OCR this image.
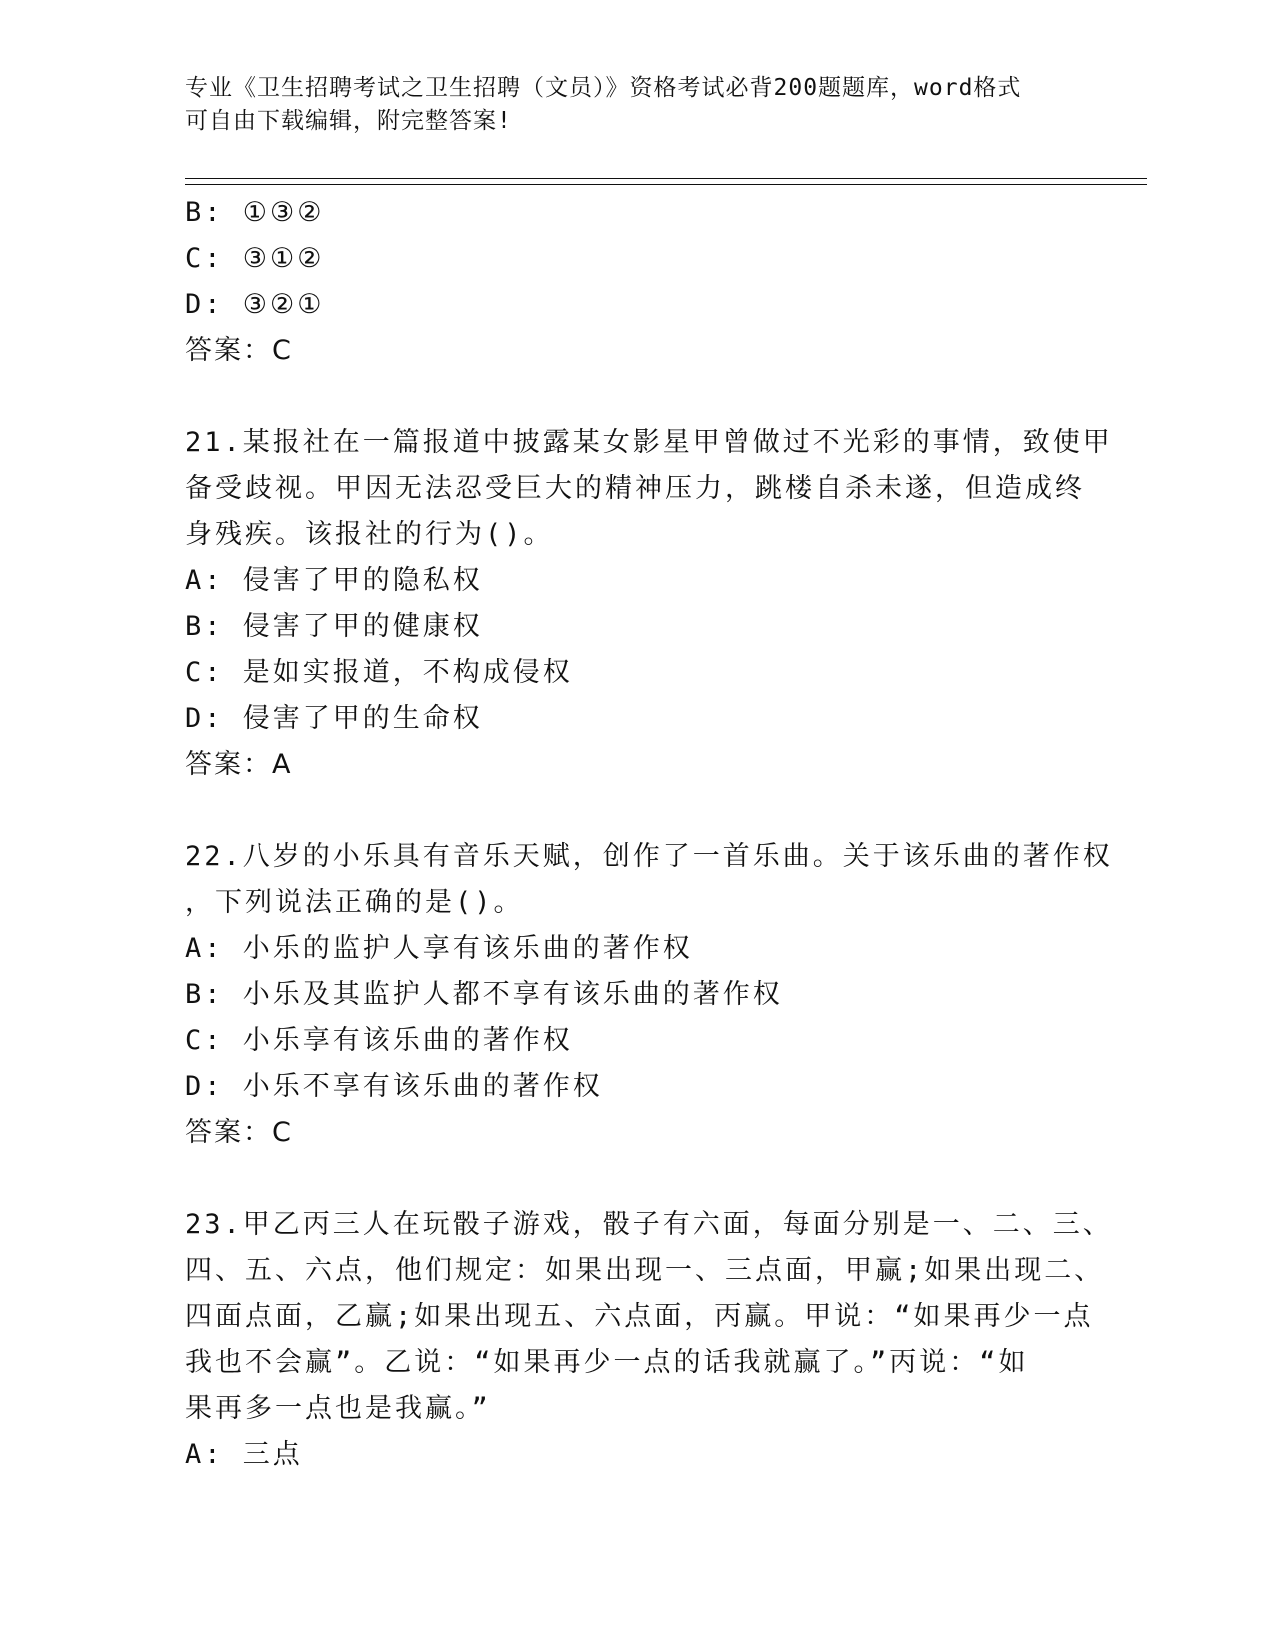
专业《卫生招聘考试之卫生招聘（文员）》资格考试必背200题题库，word格式
可自由下载编辑，附完整答案!
B: ①③②
C: ③①②
D: ③②①
答案：C
21.某报社在一篇报道中披露某女影星甲曾做过不光彩的事情，致使甲
备受歧视。甲因无法忍受巨大的精神压力，跳楼自杀未遂，但造成终
身残疾。该报社的行为()。
A: 侵害了甲的隐私权
B: 侵害了甲的健康权
C: 是如实报道，不构成侵权
D: 侵害了甲的生命权
答案：A
22.八岁的小乐具有音乐天赋，创作了一首乐曲。关于该乐曲的著作权
，下列说法正确的是()。
A: 小乐的监护人享有该乐曲的著作权
B: 小乐及其监护人都不享有该乐曲的著作权
C: 小乐享有该乐曲的著作权
D: 小乐不享有该乐曲的著作权
答案：C
23.甲乙丙三人在玩骰子游戏，骰子有六面，每面分别是一、二、三、
四、五、六点，他们规定：如果出现一、三点面，甲赢;如果出现二、
四面点面，乙赢;如果出现五、六点面，丙赢。甲说：“如果再少一点
我也不会赢”。乙说：“如果再少一点的话我就赢了。”丙说：“如
果再多一点也是我赢。”
A: 三点
